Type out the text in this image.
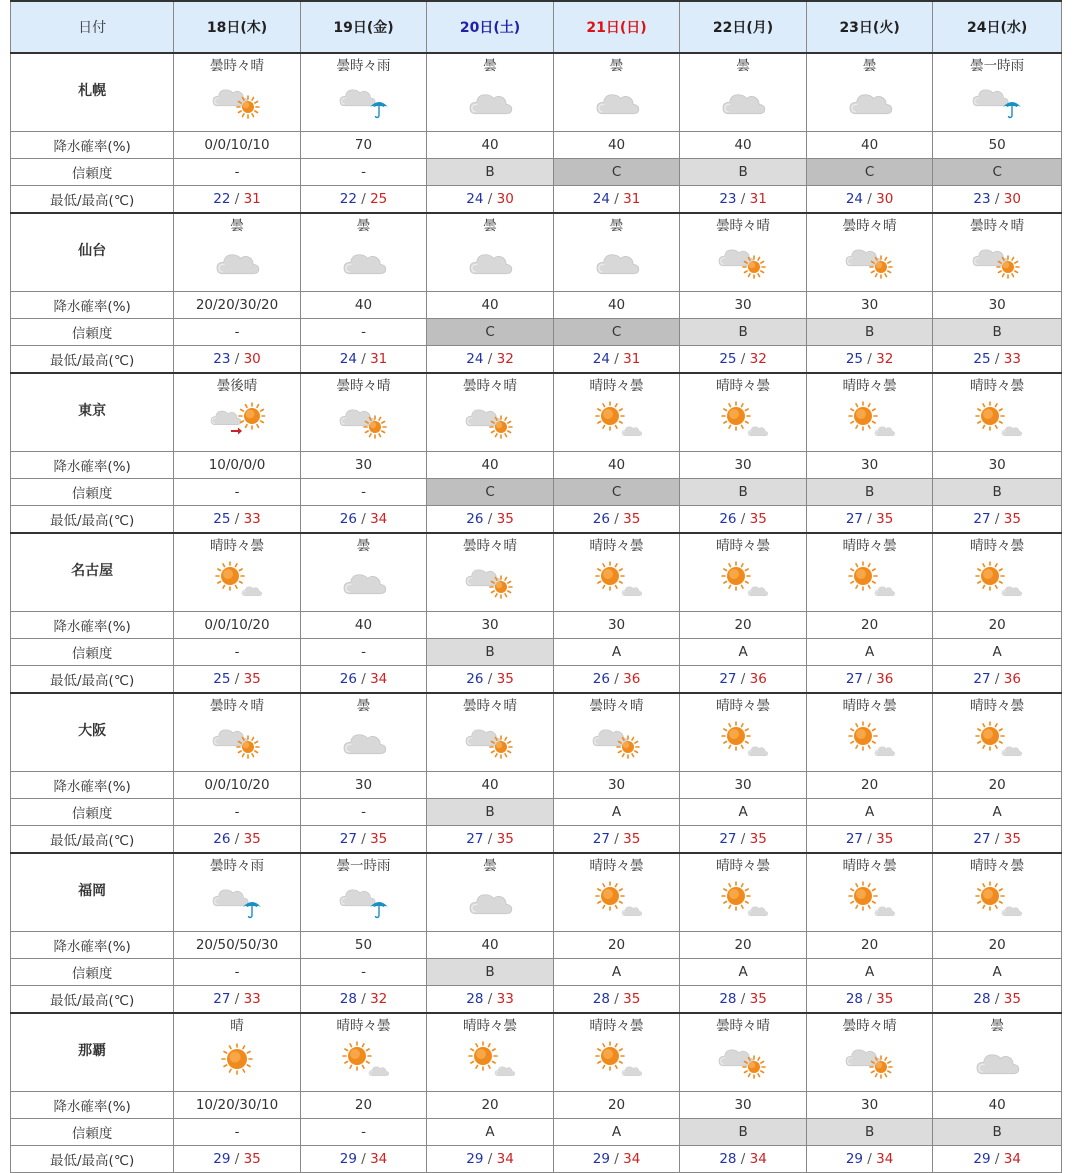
日付	18日(木)	19日(金)	20日(土)	21日(日)	22日(月)	23日(火)	24日(水)
札幌	曇時々晴	曇時々雨	曇	曇	曇	曇	曇一時雨

降水確率(%)	0/0/10/10	70	40	40	40	40	50
信頼度	-	-	B	C	B	C	C
最低/最高(℃)	22 / 31	22 / 25	24 / 30	24 / 31	23 / 31	24 / 30	23 / 30
仙台	曇	曇	曇	曇	曇時々晴	曇時々晴	曇時々晴

降水確率(%)	20/20/30/20	40	40	40	30	30	30
信頼度	-	-	C	C	B	B	B
最低/最高(℃)	23 / 30	24 / 31	24 / 32	24 / 31	25 / 32	25 / 32	25 / 33
東京	曇後晴	曇時々晴	曇時々晴	晴時々曇	晴時々曇	晴時々曇	晴時々曇

降水確率(%)	10/0/0/0	30	40	40	30	30	30
信頼度	-	-	C	C	B	B	B
最低/最高(℃)	25 / 33	26 / 34	26 / 35	26 / 35	26 / 35	27 / 35	27 / 35
名古屋	晴時々曇	曇	曇時々晴	晴時々曇	晴時々曇	晴時々曇	晴時々曇

降水確率(%)	0/0/10/20	40	30	30	20	20	20
信頼度	-	-	B	A	A	A	A
最低/最高(℃)	25 / 35	26 / 34	26 / 35	26 / 36	27 / 36	27 / 36	27 / 36
大阪	曇時々晴	曇	曇時々晴	曇時々晴	晴時々曇	晴時々曇	晴時々曇

降水確率(%)	0/0/10/20	30	40	30	30	20	20
信頼度	-	-	B	A	A	A	A
最低/最高(℃)	26 / 35	27 / 35	27 / 35	27 / 35	27 / 35	27 / 35	27 / 35
福岡	曇時々雨	曇一時雨	曇	晴時々曇	晴時々曇	晴時々曇	晴時々曇

降水確率(%)	20/50/50/30	50	40	20	20	20	20
信頼度	-	-	B	A	A	A	A
最低/最高(℃)	27 / 33	28 / 32	28 / 33	28 / 35	28 / 35	28 / 35	28 / 35
那覇	晴	晴時々曇	晴時々曇	晴時々曇	曇時々晴	曇時々晴	曇

降水確率(%)	10/20/30/10	20	20	20	30	30	40
信頼度	-	-	A	A	B	B	B
最低/最高(℃)	29 / 35	29 / 34	29 / 34	29 / 34	28 / 34	29 / 34	29 / 34
